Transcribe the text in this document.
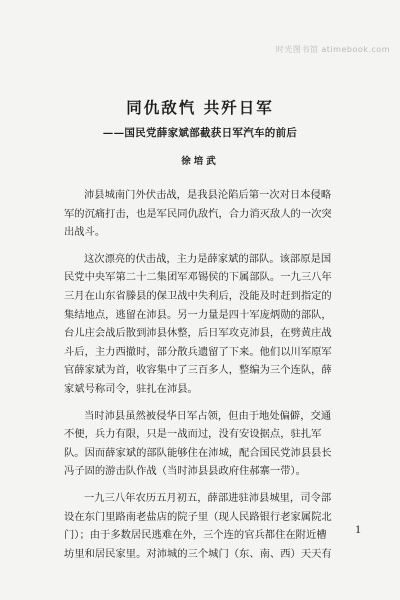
时光图书馆 atimebook.com
同仇敌忾 共歼日军
——国民党薛家斌部截获日军汽车的前后
徐培武
沛县城南门外伏击战，是我县沦陷后第一次对日本侵略
军的沉痛打击，也是军民同仇敌忾，合力消灭敌人的一次突
出战斗。
这次漂亮的伏击战，主力是薛家斌的部队。该部原是国
民党中央军第二十二集团军邓锡侯的下属部队。一九三八年
三月在山东省滕县的保卫战中失利后，没能及时赶到指定的
集结地点，逃留在沛县。另一力量是四十军庞炳勋的部队，
台儿庄会战后散到沛县休整，后日军攻克沛县，在劈黄庄战
斗后，主力西撤时，部分散兵遗留了下来。他们以川军原军
官薛家斌为首，收容集中了三百多人，整编为三个连队，薛
家斌号称司令，驻扎在沛县。
当时沛县虽然被侵华日军占领，但由于地处偏僻，交通
不便，兵力有限，只是一战而过，没有安设据点，驻扎军
队。因而薛家斌的部队能够住在沛城，配合国民党沛县县长
冯子固的游击队作战（当时沛县县政府住郝寨一带）。
一九三八年农历五月初五，薛部进驻沛县城里，司令部
设在东门里路南老盐店的院子里（现人民路银行老家属院北
门）；由于多数居民逃难在外，三个连的官兵都住在附近槽
坊里和居民家里。对沛城的三个城门（东、南、西）天天有
1
